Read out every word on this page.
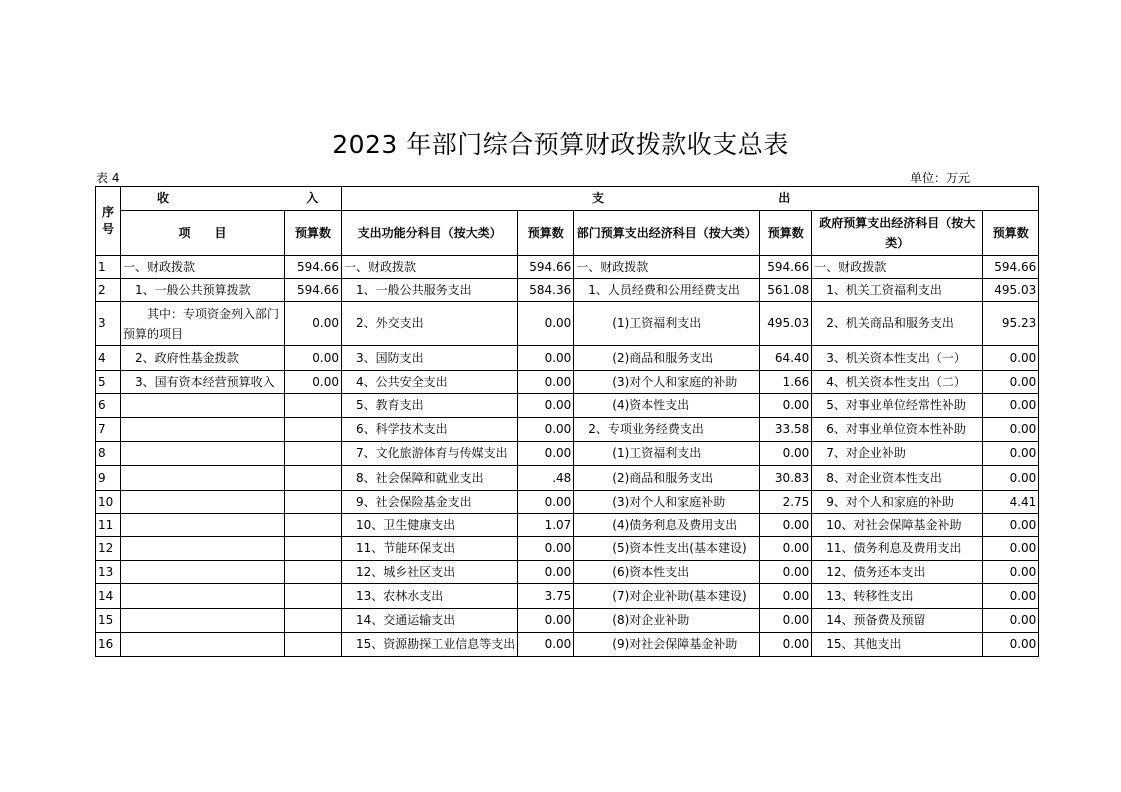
2023 年部门综合预算财政拨款收支总表
表 4	单位：万元
序号	收 入		支 出					
	项　　目	预算数	支出功能分科目（按大类）	预算数	部门预算支出经济科目（按大类）	预算数	政府预算支出经济科目（按大类）	预算数
1	一、财政拨款	594.66	一、财政拨款	594.66	一、财政拨款	594.66	一、财政拨款	594.66
2	　1、一般公共预算拨款	594.66	　1、一般公共服务支出	584.36	　1、人员经费和公用经费支出	561.08	　1、机关工资福利支出	495.03
3	　　其中：专项资金列入部门预算的项目	0.00	　2、外交支出	0.00	　　　(1)工资福利支出	495.03	　2、机关商品和服务支出	95.23
4	　2、政府性基金拨款	0.00	　3、国防支出	0.00	　　　(2)商品和服务支出	64.40	　3、机关资本性支出（一）	0.00
5	　3、国有资本经营预算收入	0.00	　4、公共安全支出	0.00	　　　(3)对个人和家庭的补助	1.66	　4、机关资本性支出（二）	0.00
6			　5、教育支出	0.00	　　　(4)资本性支出	0.00	　5、对事业单位经常性补助	0.00
7			　6、科学技术支出	0.00	　2、专项业务经费支出	33.58	　6、对事业单位资本性补助	0.00
8			　7、文化旅游体育与传媒支出	0.00	　　　(1)工资福利支出	0.00	　7、对企业补助	0.00
9			　8、社会保障和就业支出	.48	　　　(2)商品和服务支出	30.83	　8、对企业资本性支出	0.00
10			　9、社会保险基金支出	0.00	　　　(3)对个人和家庭补助	2.75	　9、对个人和家庭的补助	4.41
11			　10、卫生健康支出	1.07	　　　(4)债务利息及费用支出	0.00	　10、对社会保障基金补助	0.00
12			　11、节能环保支出	0.00	　　　(5)资本性支出(基本建设)	0.00	　11、债务利息及费用支出	0.00
13			　12、城乡社区支出	0.00	　　　(6)资本性支出	0.00	　12、债务还本支出	0.00
14			　13、农林水支出	3.75	　　　(7)对企业补助(基本建设)	0.00	　13、转移性支出	0.00
15			　14、交通运输支出	0.00	　　　(8)对企业补助	0.00	　14、预备费及预留	0.00
16			　15、资源勘探工业信息等支出	0.00	　　　(9)对社会保障基金补助	0.00	　15、其他支出	0.00
